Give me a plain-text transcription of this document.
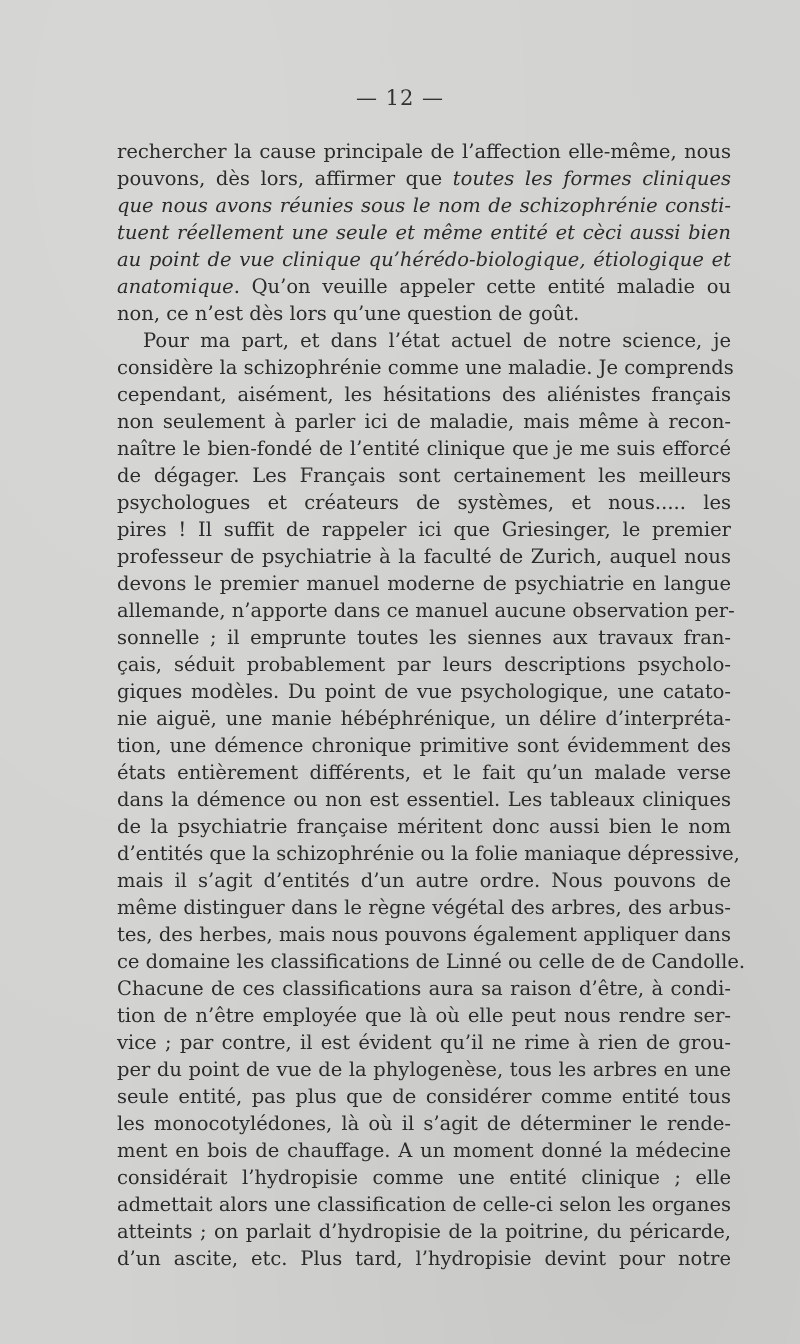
— 12 —
rechercher la cause principale de l’affection elle-même, nous
pouvons, dès lors, affirmer que toutes les formes cliniques
que nous avons réunies sous le nom de schizophrénie consti-
tuent réellement une seule et même entité et cèci aussi bien
au point de vue clinique qu’hérédo-biologique, étiologique et
anatomique. Qu’on veuille appeler cette entité maladie ou
non, ce n’est dès lors qu’une question de goût.
Pour ma part, et dans l’état actuel de notre science, je
considère la schizophrénie comme une maladie. Je comprends
cependant, aisément, les hésitations des aliénistes français
non seulement à parler ici de maladie, mais même à recon-
naître le bien-fondé de l’entité clinique que je me suis efforcé
de dégager. Les Français sont certainement les meilleurs
psychologues et créateurs de systèmes, et nous..... les
pires ! Il suffit de rappeler ici que Griesinger, le premier
professeur de psychiatrie à la faculté de Zurich, auquel nous
devons le premier manuel moderne de psychiatrie en langue
allemande, n’apporte dans ce manuel aucune observation per-
sonnelle ; il emprunte toutes les siennes aux travaux fran-
çais, séduit probablement par leurs descriptions psycholo-
giques modèles. Du point de vue psychologique, une catato-
nie aiguë, une manie hébéphrénique, un délire d’interpréta-
tion, une démence chronique primitive sont évidemment des
états entièrement différents, et le fait qu’un malade verse
dans la démence ou non est essentiel. Les tableaux cliniques
de la psychiatrie française méritent donc aussi bien le nom
d’entités que la schizophrénie ou la folie maniaque dépressive,
mais il s’agit d’entités d’un autre ordre. Nous pouvons de
même distinguer dans le règne végétal des arbres, des arbus-
tes, des herbes, mais nous pouvons également appliquer dans
ce domaine les classifications de Linné ou celle de de Candolle.
Chacune de ces classifications aura sa raison d’être, à condi-
tion de n’être employée que là où elle peut nous rendre ser-
vice ; par contre, il est évident qu’il ne rime à rien de grou-
per du point de vue de la phylogenèse, tous les arbres en une
seule entité, pas plus que de considérer comme entité tous
les monocotylédones, là où il s’agit de déterminer le rende-
ment en bois de chauffage. A un moment donné la médecine
considérait l’hydropisie comme une entité clinique ; elle
admettait alors une classification de celle-ci selon les organes
atteints ; on parlait d’hydropisie de la poitrine, du péricarde,
d’un ascite, etc. Plus tard, l’hydropisie devint pour notre
